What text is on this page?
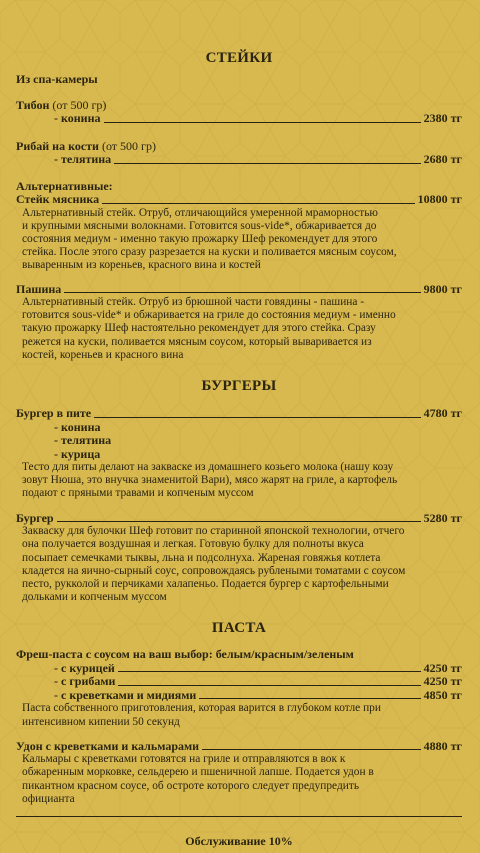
СТЕЙКИ
Из спа-камеры
Тибон (от 500 гр)
- конина	2380 тг
Рибай на кости (от 500 гр)
- телятина	2680 тг
Альтернативные:
Стейк мясника	10800 тг
Альтернативный стейк. Отруб, отличающийся умеренной мраморностью
и крупными мясными волокнами. Готовится sous-vide*, обжаривается до
состояния медиум - именно такую прожарку Шеф рекомендует для этого
стейка. После этого сразу разрезается на куски и поливается мясным соусом,
вываренным из кореньев, красного вина и костей
Пашина	9800 тг
Альтернативный стейк. Отруб из брюшной части говядины - пашина -
готовится sous-vide* и обжаривается на гриле до состояния медиум - именно
такую прожарку Шеф настоятельно рекомендует для этого стейка. Сразу
режется на куски, поливается мясным соусом, который вываривается из
костей, кореньев и красного вина
БУРГЕРЫ
Бургер в пите	4780 тг
- конина
- телятина
- курица
Тесто для питы делают на закваске из домашнего козьего молока (нашу козу
зовут Нюша, это внучка знаменитой Вари), мясо жарят на гриле, а картофель
подают с пряными травами и копченым муссом
Бургер	5280 тг
Закваску для булочки Шеф готовит по старинной японской технологии, отчего
она получается воздушная и легкая. Готовую булку для полноты вкуса
посыпает семечками тыквы, льна и подсолнуха. Жареная говяжья котлета
кладется на яично-сырный соус, сопровождаясь рублеными томатами с соусом
песто, рукколой и перчиками халапеньо. Подается бургер с картофельными
дольками и копченым муссом
ПАСТА
Фреш-паста с соусом на ваш выбор: белым/красным/зеленым
- с курицей	4250 тг
- с грибами	4250 тг
- с креветками и мидиями	4850 тг
Паста собственного приготовления, которая варится в глубоком котле при
интенсивном кипении 50 секунд
Удон с креветками и кальмарами	4880 тг
Кальмары с креветками готовятся на гриле и отправляются в вок к
обжаренным морковке, сельдерею и пшеничной лапше. Подается удон в
пикантном красном соусе, об остроте которого следует предупредить
официанта
Обслуживание 10%
